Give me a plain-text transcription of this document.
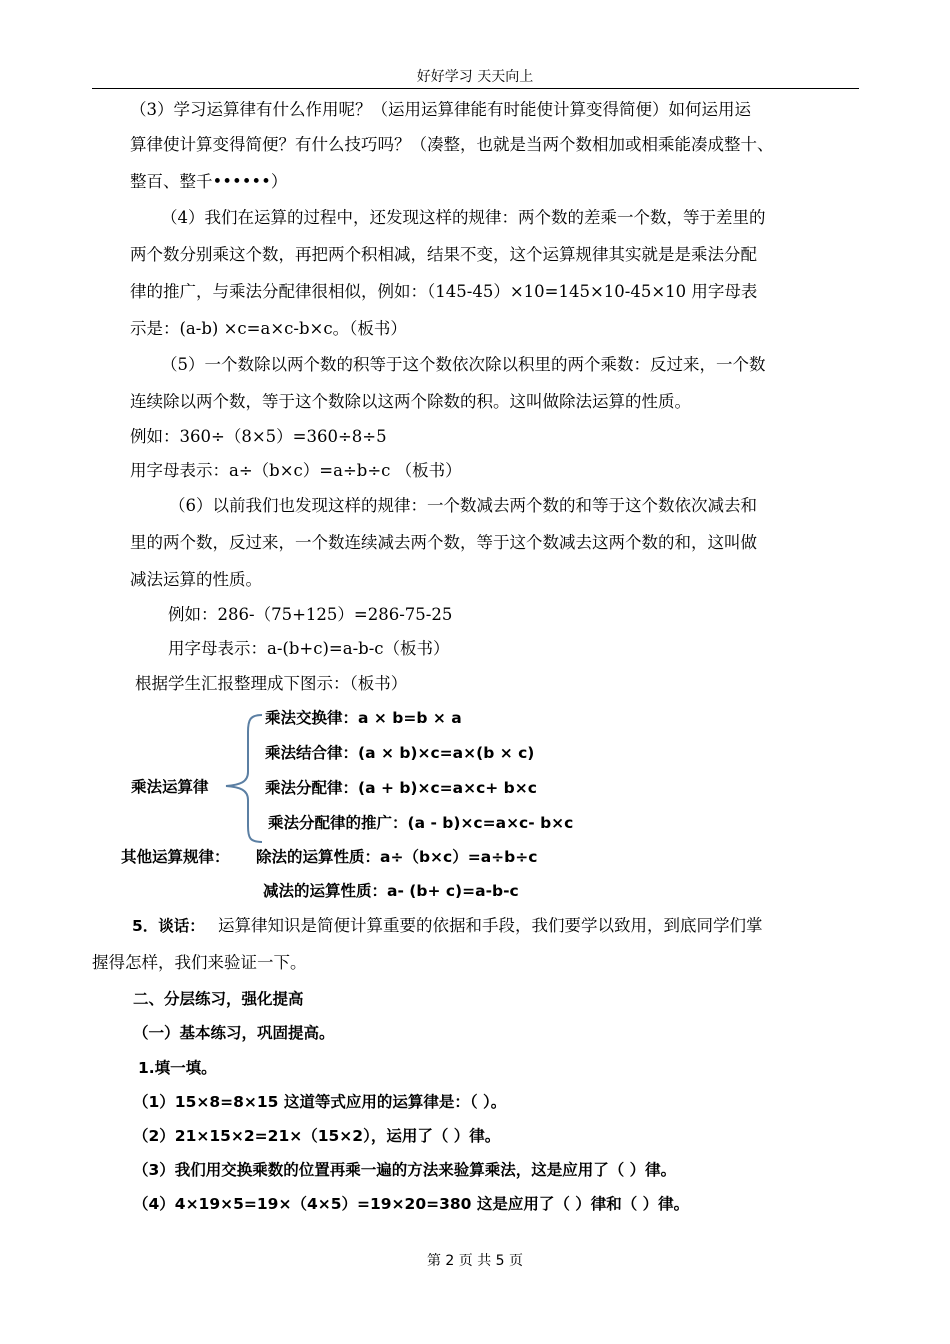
好好学习 天天向上
（3）学习运算律有什么作用呢？（运用运算律能有时能使计算变得简便）如何运用运
算律使计算变得简便？有什么技巧吗？（凑整，也就是当两个数相加或相乘能凑成整十、
整百、整千••••••）
（4）我们在运算的过程中，还发现这样的规律：两个数的差乘一个数，等于差里的
两个数分别乘这个数，再把两个积相减，结果不变，这个运算规律其实就是是乘法分配
律的推广，与乘法分配律很相似，例如：（145-45）×10=145×10-45×10 用字母表
示是：(a-b) ×c=a×c-b×c。（板书）
（5）一个数除以两个数的积等于这个数依次除以积里的两个乘数：反过来，一个数
连续除以两个数，等于这个数除以这两个除数的积。这叫做除法运算的性质。
例如：360÷（8×5）=360÷8÷5
用字母表示：a÷（b×c）=a÷b÷c （板书）
（6）以前我们也发现这样的规律：一个数减去两个数的和等于这个数依次减去和
里的两个数，反过来，一个数连续减去两个数，等于这个数减去这两个数的和，这叫做
减法运算的性质。
例如：286-（75+125）=286-75-25
用字母表示：a-(b+c)=a-b-c（板书）
根据学生汇报整理成下图示：（板书）
乘法运算律
乘法交换律：a × b=b × a
乘法结合律：(a × b)×c=a×(b × c)
乘法分配律：(a + b)×c=a×c+ b×c
乘法分配律的推广：(a - b)×c=a×c- b×c
其他运算规律： 除法的运算性质：a÷（b×c）=a÷b÷c
减法的运算性质：a- (b+ c)=a-b-c
5．谈话： 运算律知识是简便计算重要的依据和手段，我们要学以致用，到底同学们掌
握得怎样，我们来验证一下。
二、分层练习，强化提高
（一）基本练习，巩固提高。
1.填一填。
（1）15×8=8×15 这道等式应用的运算律是：（ ）。
（2）21×15×2=21×（15×2），运用了（ ）律。
（3）我们用交换乘数的位置再乘一遍的方法来验算乘法，这是应用了（ ）律。
（4）4×19×5=19×（4×5）=19×20=380 这是应用了（ ）律和（ ）律。
第 2 页 共 5 页
